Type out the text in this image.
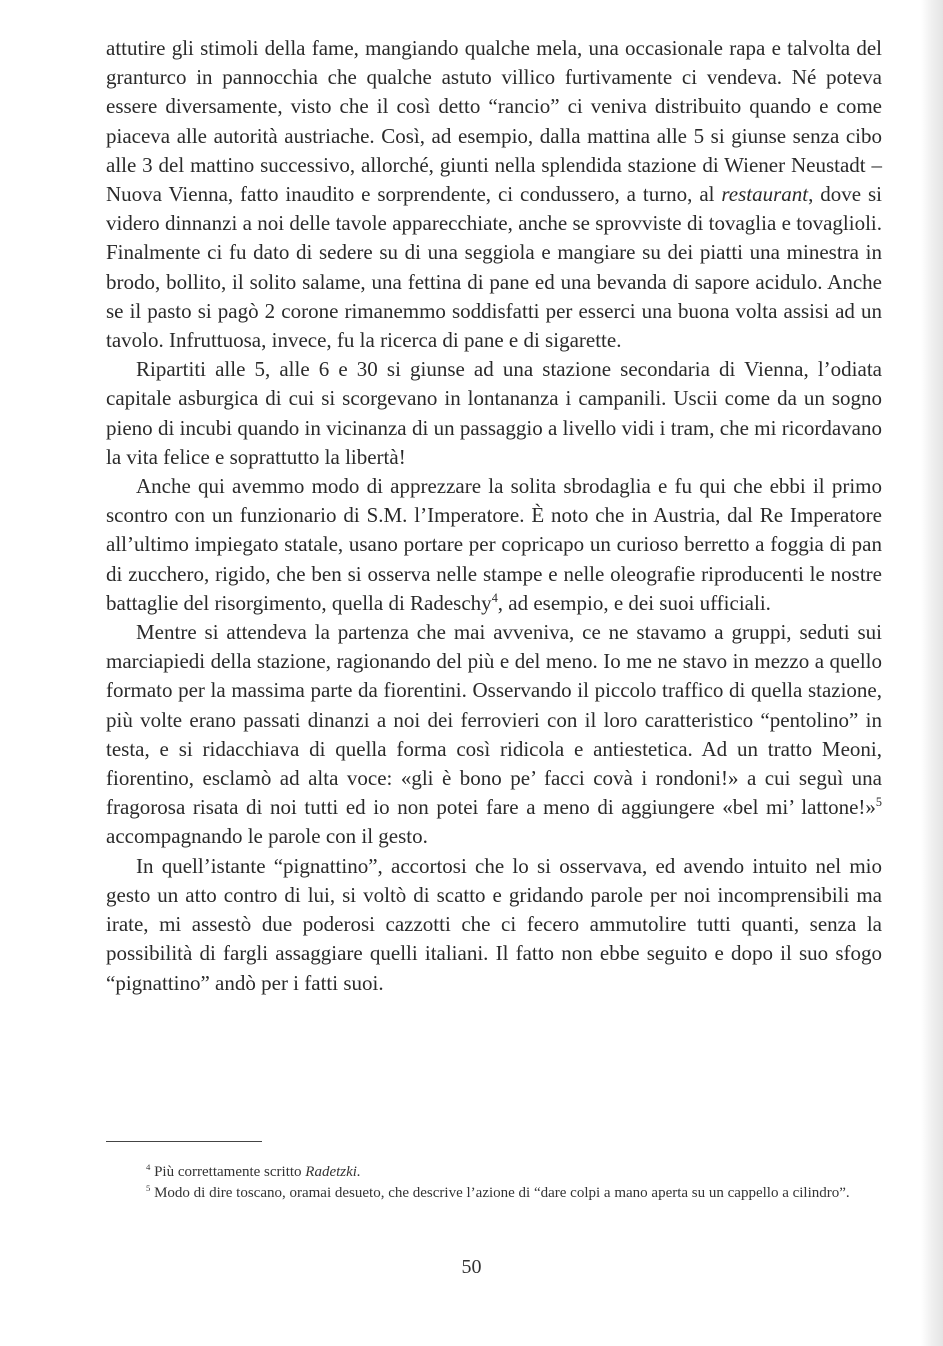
attutire gli stimoli della fame, mangiando qualche mela, una occasionale rapa e talvolta del granturco in pannocchia che qualche astuto villico furtivamente ci vendeva. Né poteva essere diversamente, visto che il così detto “rancio” ci veniva distribuito quando e come piaceva alle autorità austriache. Così, ad esempio, dalla mattina alle 5 si giunse senza cibo alle 3 del mattino successivo, allorché, giunti nella splendida stazione di Wiener Neustadt – Nuova Vienna, fatto inaudito e sorprendente, ci condussero, a turno, al restaurant, dove si videro dinnanzi a noi delle tavole apparecchiate, anche se sprovviste di tovaglia e tovaglioli. Finalmente ci fu dato di sedere su di una seggiola e mangiare su dei piatti una minestra in brodo, bollito, il solito salame, una fettina di pane ed una bevanda di sapore acidulo. Anche se il pasto si pagò 2 corone rimanemmo soddisfatti per esserci una buona volta assisi ad un tavolo. Infruttuosa, invece, fu la ricerca di pane e di sigarette.

Ripartiti alle 5, alle 6 e 30 si giunse ad una stazione secondaria di Vienna, l’odiata capitale asburgica di cui si scorgevano in lontananza i campanili. Uscii come da un sogno pieno di incubi quando in vicinanza di un passaggio a livello vidi i tram, che mi ricordavano la vita felice e soprattutto la libertà!

Anche qui avemmo modo di apprezzare la solita sbrodaglia e fu qui che ebbi il primo scontro con un funzionario di S.M. l’Imperatore. È noto che in Austria, dal Re Imperatore all’ultimo impiegato statale, usano portare per copricapo un curioso berretto a foggia di pan di zucchero, rigido, che ben si osserva nelle stampe e nelle oleografie riproducenti le nostre battaglie del risorgimento, quella di Radeschy$^4$, ad esempio, e dei suoi ufficiali.

Mentre si attendeva la partenza che mai avveniva, ce ne stavamo a gruppi, seduti sui marciapiedi della stazione, ragionando del più e del meno. Io me ne stavo in mezzo a quello formato per la massima parte da fiorentini. Osservando il piccolo traffico di quella stazione, più volte erano passati dinanzi a noi dei ferrovieri con il loro caratteristico “pentolino” in testa, e si ridacchiava di quella forma così ridicola e antiestetica. Ad un tratto Meoni, fiorentino, esclamò ad alta voce: «gli è bono pe’ facci covà i rondoni!» a cui seguì una fragorosa risata di noi tutti ed io non potei fare a meno di aggiungere «bel mi’ lattone!»$^5$ accompagnando le parole con il gesto.

In quell’istante “pignattino”, accortosi che lo si osservava, ed avendo intuito nel mio gesto un atto contro di lui, si voltò di scatto e gridando parole per noi incomprensibili ma irate, mi assestò due poderosi cazzotti che ci fecero ammutolire tutti quanti, senza la possibilità di fargli assaggiare quelli italiani. Il fatto non ebbe seguito e dopo il suo sfogo “pignattino” andò per i fatti suoi.

$^4$ Più correttamente scritto Radetzki.

$^5$ Modo di dire toscano, oramai desueto, che descrive l’azione di “dare colpi a mano aperta su un cappello a cilindro”.

50
